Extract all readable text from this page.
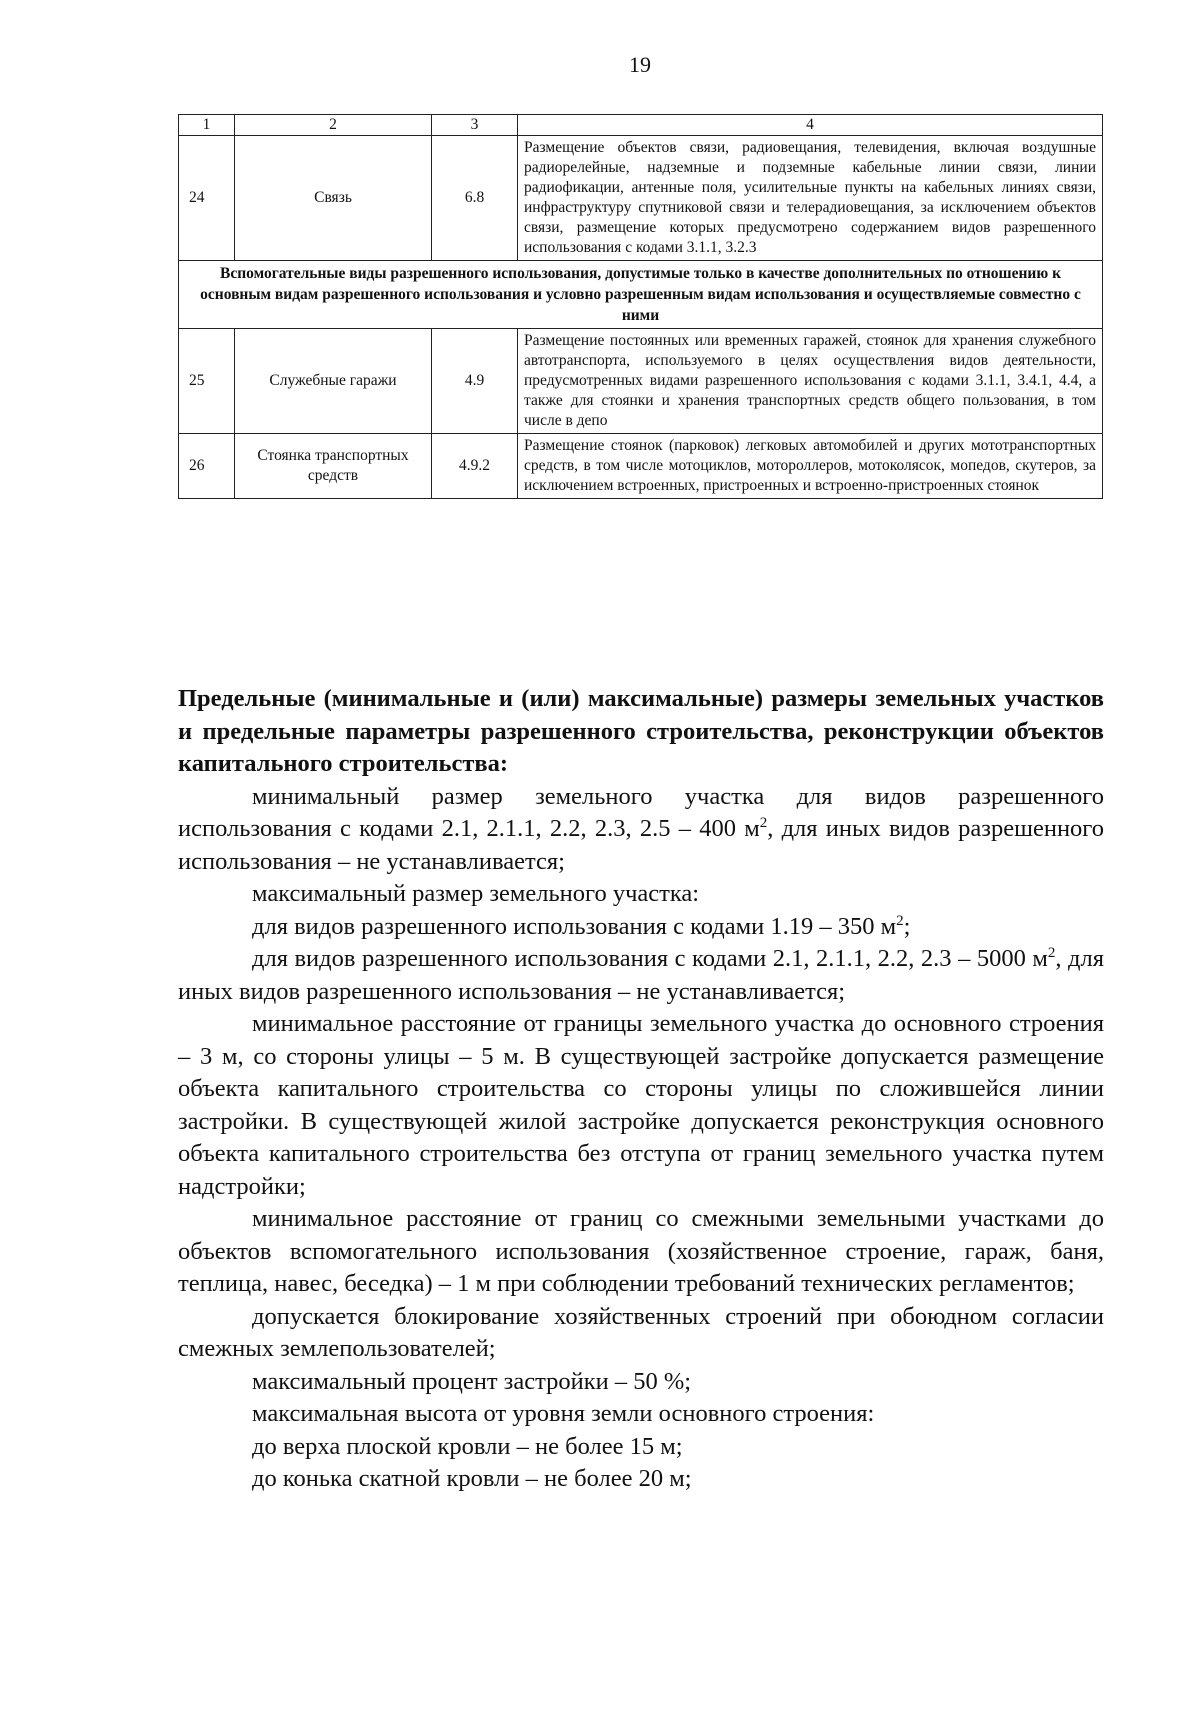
19
1	2	3	4
24	Связь	6.8	Размещение объектов связи, радиовещания, телевидения, включая воздушные радиорелейные, надземные и подземные кабельные линии связи, линии радиофикации, антенные поля, усилительные пункты на кабельных линиях связи, инфраструктуру спутниковой связи и телерадиовещания, за исключением объектов связи, размещение которых предусмотрено содержанием видов разрешенного использования с кодами 3.1.1, 3.2.3
Вспомогательные виды разрешенного использования, допустимые только в качестве дополнительных по отношению к основным видам разрешенного использования и условно разрешенным видам использования и осуществляемые совместно с ними			
25	Служебные гаражи	4.9	Размещение постоянных или временных гаражей, стоянок для хранения служебного автотранспорта, используемого в целях осуществления видов деятельности, предусмотренных видами разрешенного использования с кодами 3.1.1, 3.4.1, 4.4, а также для стоянки и хранения транспортных средств общего пользования, в том числе в депо
26	Стоянка транспортных средств	4.9.2	Размещение стоянок (парковок) легковых автомобилей и других мототранспортных средств, в том числе мотоциклов, мотороллеров, мотоколясок, мопедов, скутеров, за исключением встроенных, пристроенных и встроенно-пристроенных стоянок

Предельные (минимальные и (или) максимальные) размеры земельных участков и предельные параметры разрешенного строительства, реконструкции объектов капитального строительства:

минимальный размер земельного участка для видов разрешенного использования с кодами 2.1, 2.1.1, 2.2, 2.3, 2.5 – 400 $м^2$, для иных видов разрешенного использования – не устанавливается;

максимальный размер земельного участка:

для видов разрешенного использования с кодами 1.19 – 350 $м^2$;

для видов разрешенного использования с кодами 2.1, 2.1.1, 2.2, 2.3 – 5000 $м^2$, для иных видов разрешенного использования – не устанавливается;

минимальное расстояние от границы земельного участка до основного строения – 3 м, со стороны улицы – 5 м. В существующей застройке допускается размещение объекта капитального строительства со стороны улицы по сложившейся линии застройки. В существующей жилой застройке допускается реконструкция основного объекта капитального строительства без отступа от границ земельного участка путем надстройки;

минимальное расстояние от границ со смежными земельными участками до объектов вспомогательного использования (хозяйственное строение, гараж, баня, теплица, навес, беседка) – 1 м при соблюдении требований технических регламентов;

допускается блокирование хозяйственных строений при обоюдном согласии смежных землепользователей;

максимальный процент застройки – 50 %;

максимальная высота от уровня земли основного строения:

до верха плоской кровли – не более 15 м;

до конька скатной кровли – не более 20 м;
